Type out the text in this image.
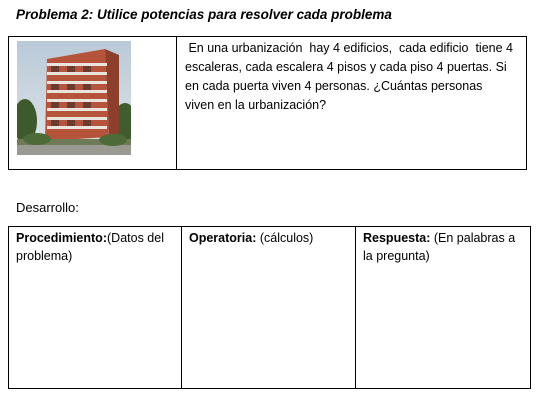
Problema 2: Utilice potencias para resolver cada problema

En una urbanización  hay 4 edificios,  cada edificio  tiene 4
escaleras, cada escalera 4 pisos y cada piso 4 puertas. Si
en cada puerta viven 4 personas. ¿Cuántas personas
viven en la urbanización?
Desarrollo:
Procedimiento:(Datos del problema)	Operatoria: (cálculos)	Respuesta: (En palabras a la pregunta)
